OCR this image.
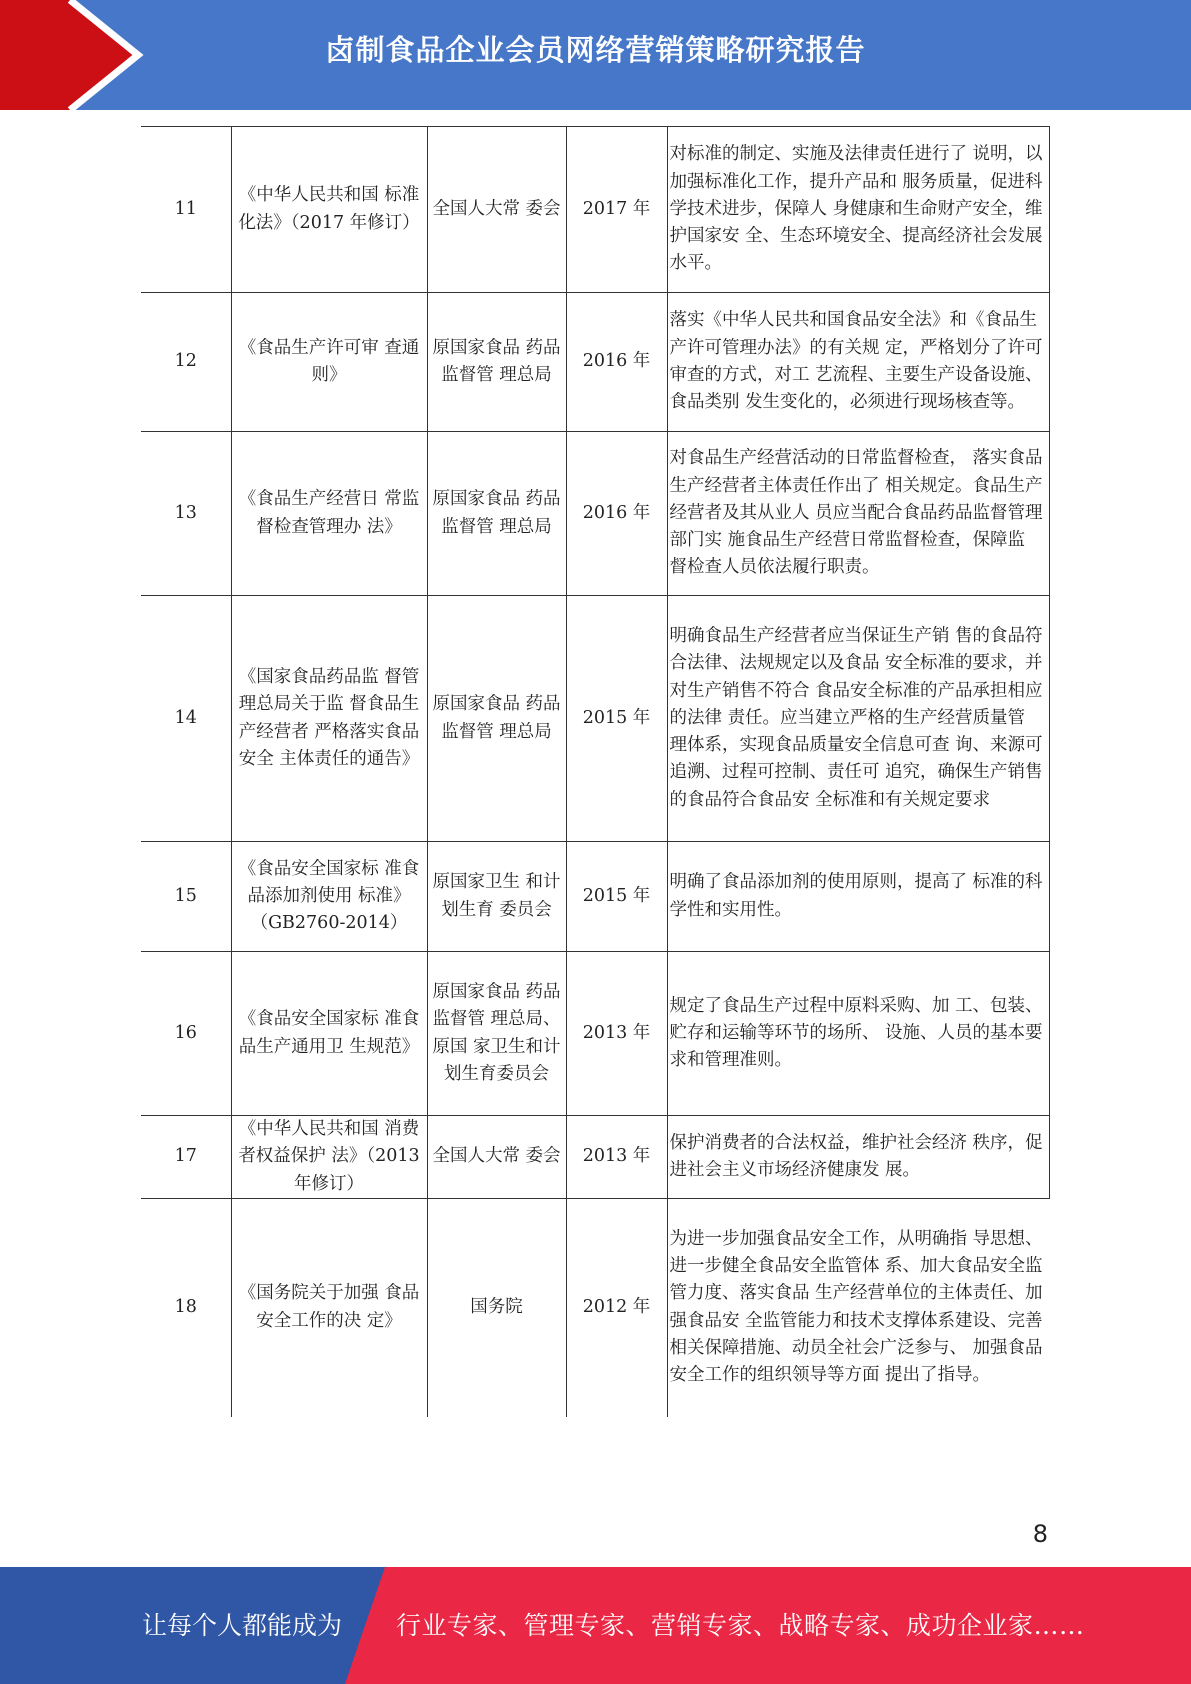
卤制食品企业会员网络营销策略研究报告
11	《中华人民共和国 标准化法》（2017 年修订）	全国人大常 委会	2017 年	对标准的制定、实施及法律责任进行了 说明，以加强标准化工作，提升产品和 服务质量，促进科学技术进步，保障人 身健康和生命财产安全，维护国家安 全、生态环境安全、提高经济社会发展 水平。
12	《食品生产许可审 查通则》	原国家食品 药品监督管 理总局	2016 年	落实《中华人民共和国食品安全法》和《食品生产许可管理办法》的有关规 定，严格划分了许可审查的方式，对工 艺流程、主要生产设备设施、食品类别 发生变化的，必须进行现场核查等。
13	《食品生产经营日 常监督检查管理办 法》	原国家食品 药品监督管 理总局	2016 年	对食品生产经营活动的日常监督检查， 落实食品生产经营者主体责任作出了 相关规定。食品生产经营者及其从业人 员应当配合食品药品监督管理部门实 施食品生产经营日常监督检查，保障监 督检查人员依法履行职责。
14	《国家食品药品监 督管理总局关于监 督食品生产经营者 严格落实食品安全 主体责任的通告》	原国家食品 药品监督管 理总局	2015 年	明确食品生产经营者应当保证生产销 售的食品符合法律、法规规定以及食品 安全标准的要求，并对生产销售不符合 食品安全标准的产品承担相应的法律 责任。应当建立严格的生产经营质量管 理体系，实现食品质量安全信息可查 询、来源可追溯、过程可控制、责任可 追究，确保生产销售的食品符合食品安 全标准和有关规定要求
15	《食品安全国家标 准食品添加剂使用 标准》（GB2760-2014）	原国家卫生 和计划生育 委员会	2015 年	明确了食品添加剂的使用原则，提高了 标准的科学性和实用性。
16	《食品安全国家标 准食品生产通用卫 生规范》	原国家食品 药品监督管 理总局、原国 家卫生和计 划生育委员会	2013 年	规定了食品生产过程中原料采购、加 工、包装、贮存和运输等环节的场所、 设施、人员的基本要求和管理准则。
17	《中华人民共和国 消费者权益保护 法》（2013 年修订）	全国人大常 委会	2013 年	保护消费者的合法权益，维护社会经济 秩序，促进社会主义市场经济健康发 展。
18	《国务院关于加强 食品安全工作的决 定》	国务院	2012 年	为进一步加强食品安全工作，从明确指 导思想、进一步健全食品安全监管体 系、加大食品安全监管力度、落实食品 生产经营单位的主体责任、加强食品安 全监管能力和技术支撑体系建设、完善 相关保障措施、动员全社会广泛参与、 加强食品安全工作的组织领导等方面 提出了指导。
8
让每个人都能成为 行业专家、管理专家、营销专家、战略专家、成功企业家……
